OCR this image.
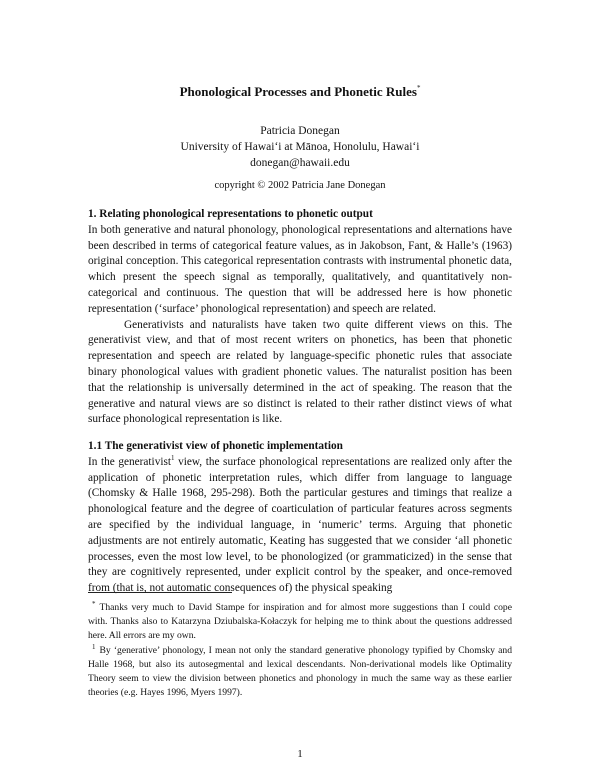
Phonological Processes and Phonetic Rules*
Patricia Donegan
University of Hawai‘i at Mānoa, Honolulu, Hawai‘i
donegan@hawaii.edu
copyright © 2002 Patricia Jane Donegan

1. Relating phonological representations to phonetic output

In both generative and natural phonology, phonological representations and alternations have been described in terms of categorical feature values, as in Jakobson, Fant, & Halle’s (1963) original conception. This categorical representation contrasts with instrumental phonetic data, which present the speech signal as temporally, qualitatively, and quantitatively non-categorical and continuous. The question that will be addressed here is how phonetic representation (‘surface’ phonological representation) and speech are related.

Generativists and naturalists have taken two quite different views on this. The generativist view, and that of most recent writers on phonetics, has been that phonetic representation and speech are related by language-specific phonetic rules that associate binary phonological values with gradient phonetic values. The naturalist position has been that the relationship is universally determined in the act of speaking. The reason that the generative and natural views are so distinct is related to their rather distinct views of what surface phonological representation is like.

1.1 The generativist view of phonetic implementation

In the generativist$^1$ view, the surface phonological representations are realized only after the application of phonetic interpretation rules, which differ from language to language (Chomsky & Halle 1968, 295-298). Both the particular gestures and timings that realize a phonological feature and the degree of coarticulation of particular features across segments are specified by the individual language, in ‘numeric’ terms. Arguing that phonetic adjustments are not entirely automatic, Keating has suggested that we consider ‘all phonetic processes, even the most low level, to be phonologized (or grammaticized) in the sense that they are cognitively represented, under explicit control by the speaker, and once-removed from (that is, not automatic consequences of) the physical speaking

* Thanks very much to David Stampe for inspiration and for almost more suggestions than I could cope with. Thanks also to Katarzyna Dziubalska-Kołaczyk for helping me to think about the questions addressed here. All errors are my own.

$^1$ By ‘generative’ phonology, I mean not only the standard generative phonology typified by Chomsky and Halle 1968, but also its autosegmental and lexical descendants. Non-derivational models like Optimality Theory seem to view the division between phonetics and phonology in much the same way as these earlier theories (e.g. Hayes 1996, Myers 1997).

1
